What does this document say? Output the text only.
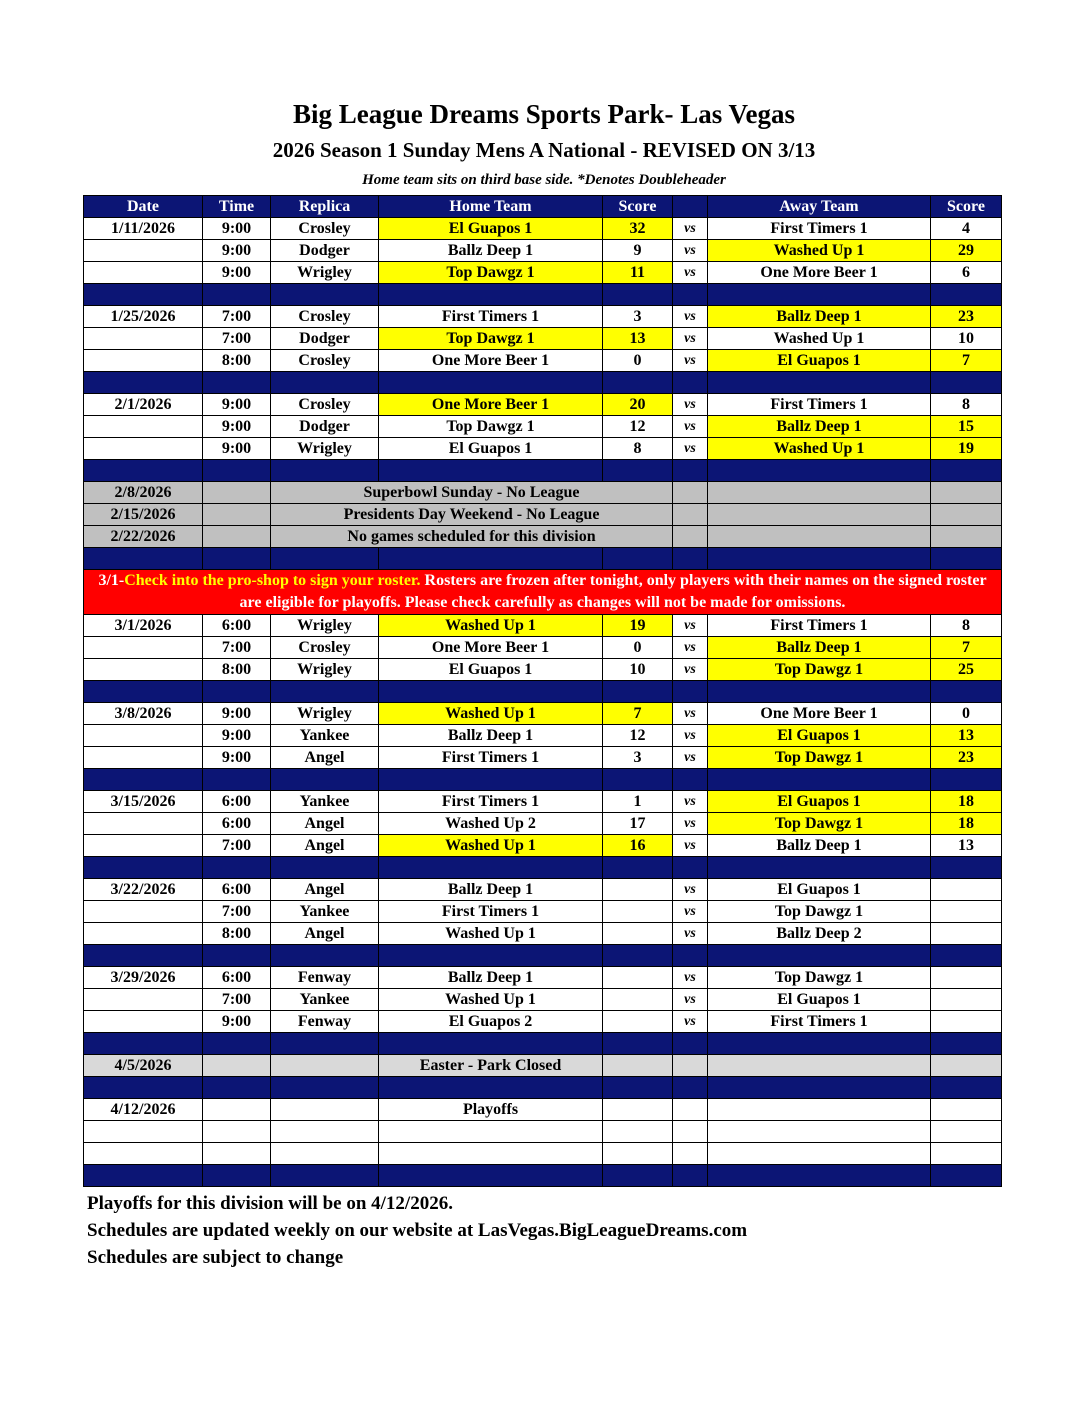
Big League Dreams Sports Park- Las Vegas
2026 Season 1 Sunday Mens A National - REVISED ON 3/13
Home team sits on third base side. *Denotes Doubleheader
Date	Time	Replica	Home Team	Score		Away Team	Score
1/11/2026	9:00	Crosley	El Guapos 1	32	vs	First Timers 1	4
	9:00	Dodger	Ballz Deep 1	9	vs	Washed Up 1	29
	9:00	Wrigley	Top Dawgz 1	11	vs	One More Beer 1	6

1/25/2026	7:00	Crosley	First Timers 1	3	vs	Ballz Deep 1	23
	7:00	Dodger	Top Dawgz 1	13	vs	Washed Up 1	10
	8:00	Crosley	One More Beer 1	0	vs	El Guapos 1	7

2/1/2026	9:00	Crosley	One More Beer 1	20	vs	First Timers 1	8
	9:00	Dodger	Top Dawgz 1	12	vs	Ballz Deep 1	15
	9:00	Wrigley	El Guapos 1	8	vs	Washed Up 1	19

2/8/2026		Superbowl Sunday - No League					
2/15/2026		Presidents Day Weekend - No League					
2/22/2026		No games scheduled for this division					

3/1-Check into the pro-shop to sign your roster. Rosters are frozen after tonight, only players with their names on the signed roster are eligible for playoffs. Please check carefully as changes will not be made for omissions.							
3/1/2026	6:00	Wrigley	Washed Up 1	19	vs	First Timers 1	8
	7:00	Crosley	One More Beer 1	0	vs	Ballz Deep 1	7
	8:00	Wrigley	El Guapos 1	10	vs	Top Dawgz 1	25

3/8/2026	9:00	Wrigley	Washed Up 1	7	vs	One More Beer 1	0
	9:00	Yankee	Ballz Deep 1	12	vs	El Guapos 1	13
	9:00	Angel	First Timers 1	3	vs	Top Dawgz 1	23

3/15/2026	6:00	Yankee	First Timers 1	1	vs	El Guapos 1	18
	6:00	Angel	Washed Up 2	17	vs	Top Dawgz 1	18
	7:00	Angel	Washed Up 1	16	vs	Ballz Deep 1	13

3/22/2026	6:00	Angel	Ballz Deep 1		vs	El Guapos 1	
	7:00	Yankee	First Timers 1		vs	Top Dawgz 1	
	8:00	Angel	Washed Up 1		vs	Ballz Deep 2	

3/29/2026	6:00	Fenway	Ballz Deep 1		vs	Top Dawgz 1	
	7:00	Yankee	Washed Up 1		vs	El Guapos 1	
	9:00	Fenway	El Guapos 2		vs	First Timers 1	

4/5/2026			Easter - Park Closed				

4/12/2026			Playoffs				

Playoffs for this division will be on 4/12/2026.
Schedules are updated weekly on our website at LasVegas.BigLeagueDreams.com
Schedules are subject to change
